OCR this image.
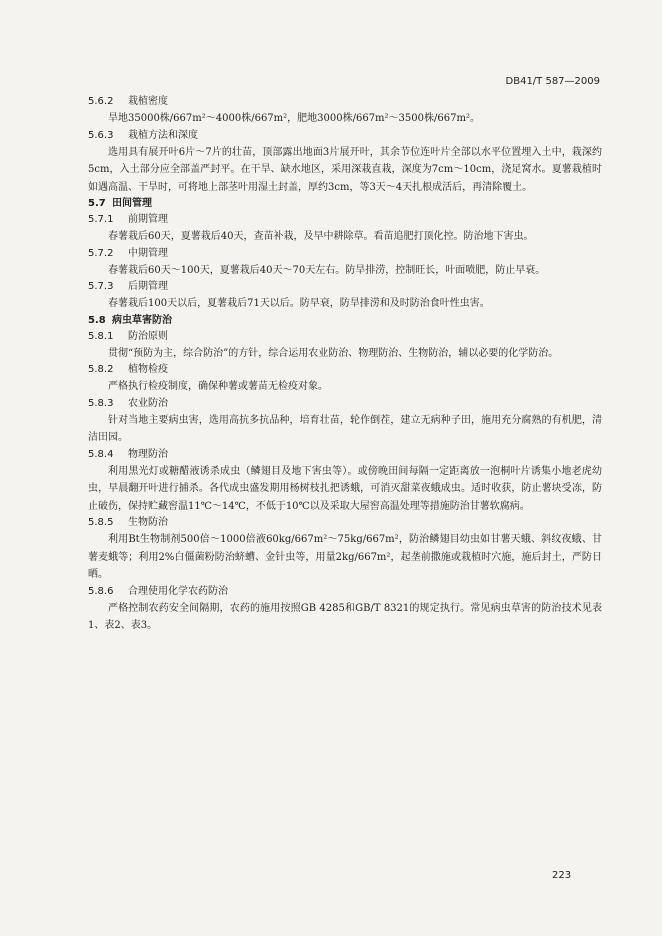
DB41/T 587—2009
5.6.2 栽植密度

旱地35000株/667m²～4000株/667m²，肥地3000株/667m²～3500株/667m²。

5.6.3 栽植方法和深度

选用具有展开叶6片～7片的壮苗，顶部露出地面3片展开叶，其余节位连叶片全部以水平位置埋入土中，栽深约5cm，入土部分应全部盖严封平。在干旱、缺水地区，采用深栽直栽，深度为7cm～10cm，浇足窝水。夏薯栽植时如遇高温、干旱时，可将地上部茎叶用湿土封盖，厚约3cm，等3天～4天扎根成活后，再清除覆土。

5.7 田间管理
5.7.1 前期管理

春薯栽后60天，夏薯栽后40天，查苗补栽，及早中耕除草。看苗追肥打顶化控。防治地下害虫。

5.7.2 中期管理

春薯栽后60天～100天，夏薯栽后40天～70天左右。防旱排涝，控制旺长，叶面喷肥，防止早衰。

5.7.3 后期管理

春薯栽后100天以后，夏薯栽后71天以后。防早衰，防旱排涝和及时防治食叶性虫害。

5.8 病虫草害防治
5.8.1 防治原则

贯彻“预防为主，综合防治”的方针，综合运用农业防治、物理防治、生物防治，辅以必要的化学防治。

5.8.2 植物检疫

严格执行检疫制度，确保种薯或薯苗无检疫对象。

5.8.3 农业防治

针对当地主要病虫害，选用高抗多抗品种，培育壮苗，轮作倒茬，建立无病种子田，施用充分腐熟的有机肥，清洁田园。

5.8.4 物理防治

利用黑光灯或糖醋液诱杀成虫（鳞翅目及地下害虫等）。或傍晚田间每隔一定距离放一泡桐叶片诱集小地老虎幼虫，早晨翻开叶进行捕杀。各代成虫盛发期用杨树枝扎把诱蛾，可消灭甜菜夜蛾成虫。适时收获，防止薯块受冻，防止破伤，保持贮藏窖温11℃～14℃，不低于10℃以及采取大屋窖高温处理等措施防治甘薯软腐病。

5.8.5 生物防治

利用Bt生物制剂500倍～1000倍液60kg/667m²～75kg/667m²，防治鳞翅目幼虫如甘薯天蛾、斜纹夜蛾、甘薯麦蛾等；利用2%白僵菌粉防治蛴螬、金针虫等，用量2kg/667m²，起垄前撒施或栽植时穴施，施后封土，严防日晒。

5.8.6 合理使用化学农药防治

严格控制农药安全间隔期，农药的施用按照GB 4285和GB/T 8321的规定执行。常见病虫草害的防治技术见表1、表2、表3。

223
